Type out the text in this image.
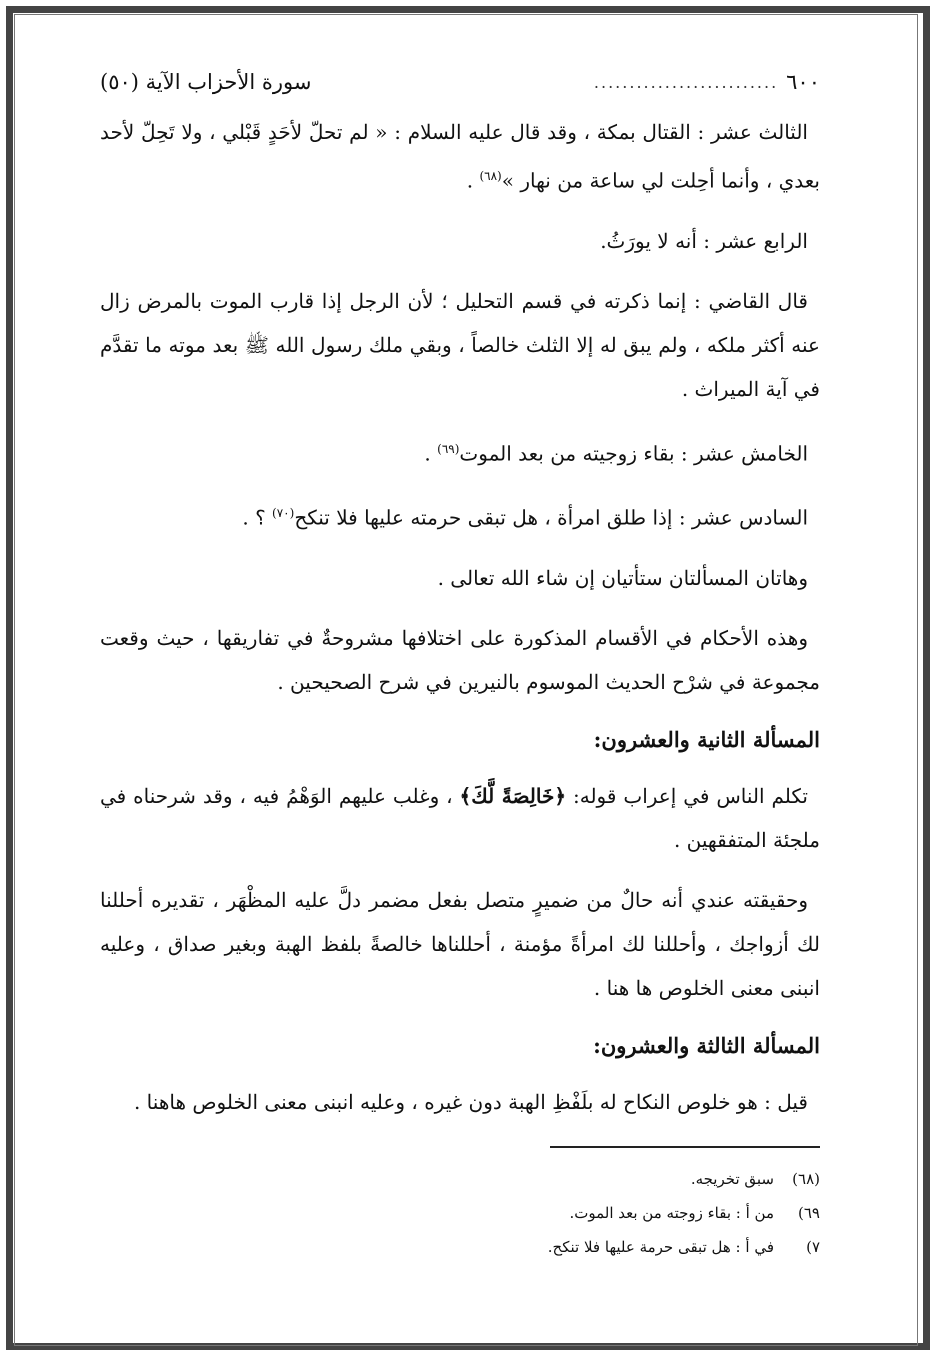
٦٠٠
..........................
سورة الأحزاب الآية (٥٠)

الثالث عشر : القتال بمكة ، وقد قال عليه السلام : « لم تحلّ لأحَدٍ قَبْلي ، ولا تَحِلّ لأحد بعدي ، وأنما أحِلت لي ساعة من نهار »$^{(٦٨)}$ .

الرابع عشر : أنه لا يورَثُ.

قال القاضي : إنما ذكرته في قسم التحليل ؛ لأن الرجل إذا قارب الموت بالمرض زال عنه أكثر ملكه ، ولم يبق له إلا الثلث خالصاً ، وبقي ملك رسول الله ﷺ بعد موته ما تقدَّم في آية الميراث .

الخامش عشر : بقاء زوجيته من بعد الموت$^{(٦٩)}$ .

السادس عشر : إذا طلق امرأة ، هل تبقى حرمته عليها فلا تنكح$^{(٧٠)}$ ؟ .

وهاتان المسألتان ستأتيان إن شاء الله تعالى .

وهذه الأحكام في الأقسام المذكورة على اختلافها مشروحةٌ في تفاريقها ، حيث وقعت مجموعة في شرْح الحديث الموسوم بالنيرين في شرح الصحيحين .

المسألة الثانية والعشرون:

تكلم الناس في إعراب قوله: ﴿خَالِصَةً لَّكَ﴾ ، وغلب عليهم الوَهْمُ فيه ، وقد شرحناه في ملجئة المتفقهين .

وحقيقته عندي أنه حالٌ من ضميرٍ متصل بفعل مضمر دلَّ عليه المظْهَر ، تقديره أحللنا لك أزواجك ، وأحللنا لك امرأةً مؤمنة ، أحللناها خالصةً بلفظ الهبة وبغير صداق ، وعليه انبنى معنى الخلوص ها هنا .

المسألة الثالثة والعشرون:

قيل : هو خلوص النكاح له بلَفْظِ الهبة دون غيره ، وعليه انبنى معنى الخلوص هاهنا .

(٦٨)
سبق تخريجه.
٦٩)
من أ : بقاء زوجته من بعد الموت.
٧)
في أ : هل تبقى حرمة عليها فلا تنكح.
